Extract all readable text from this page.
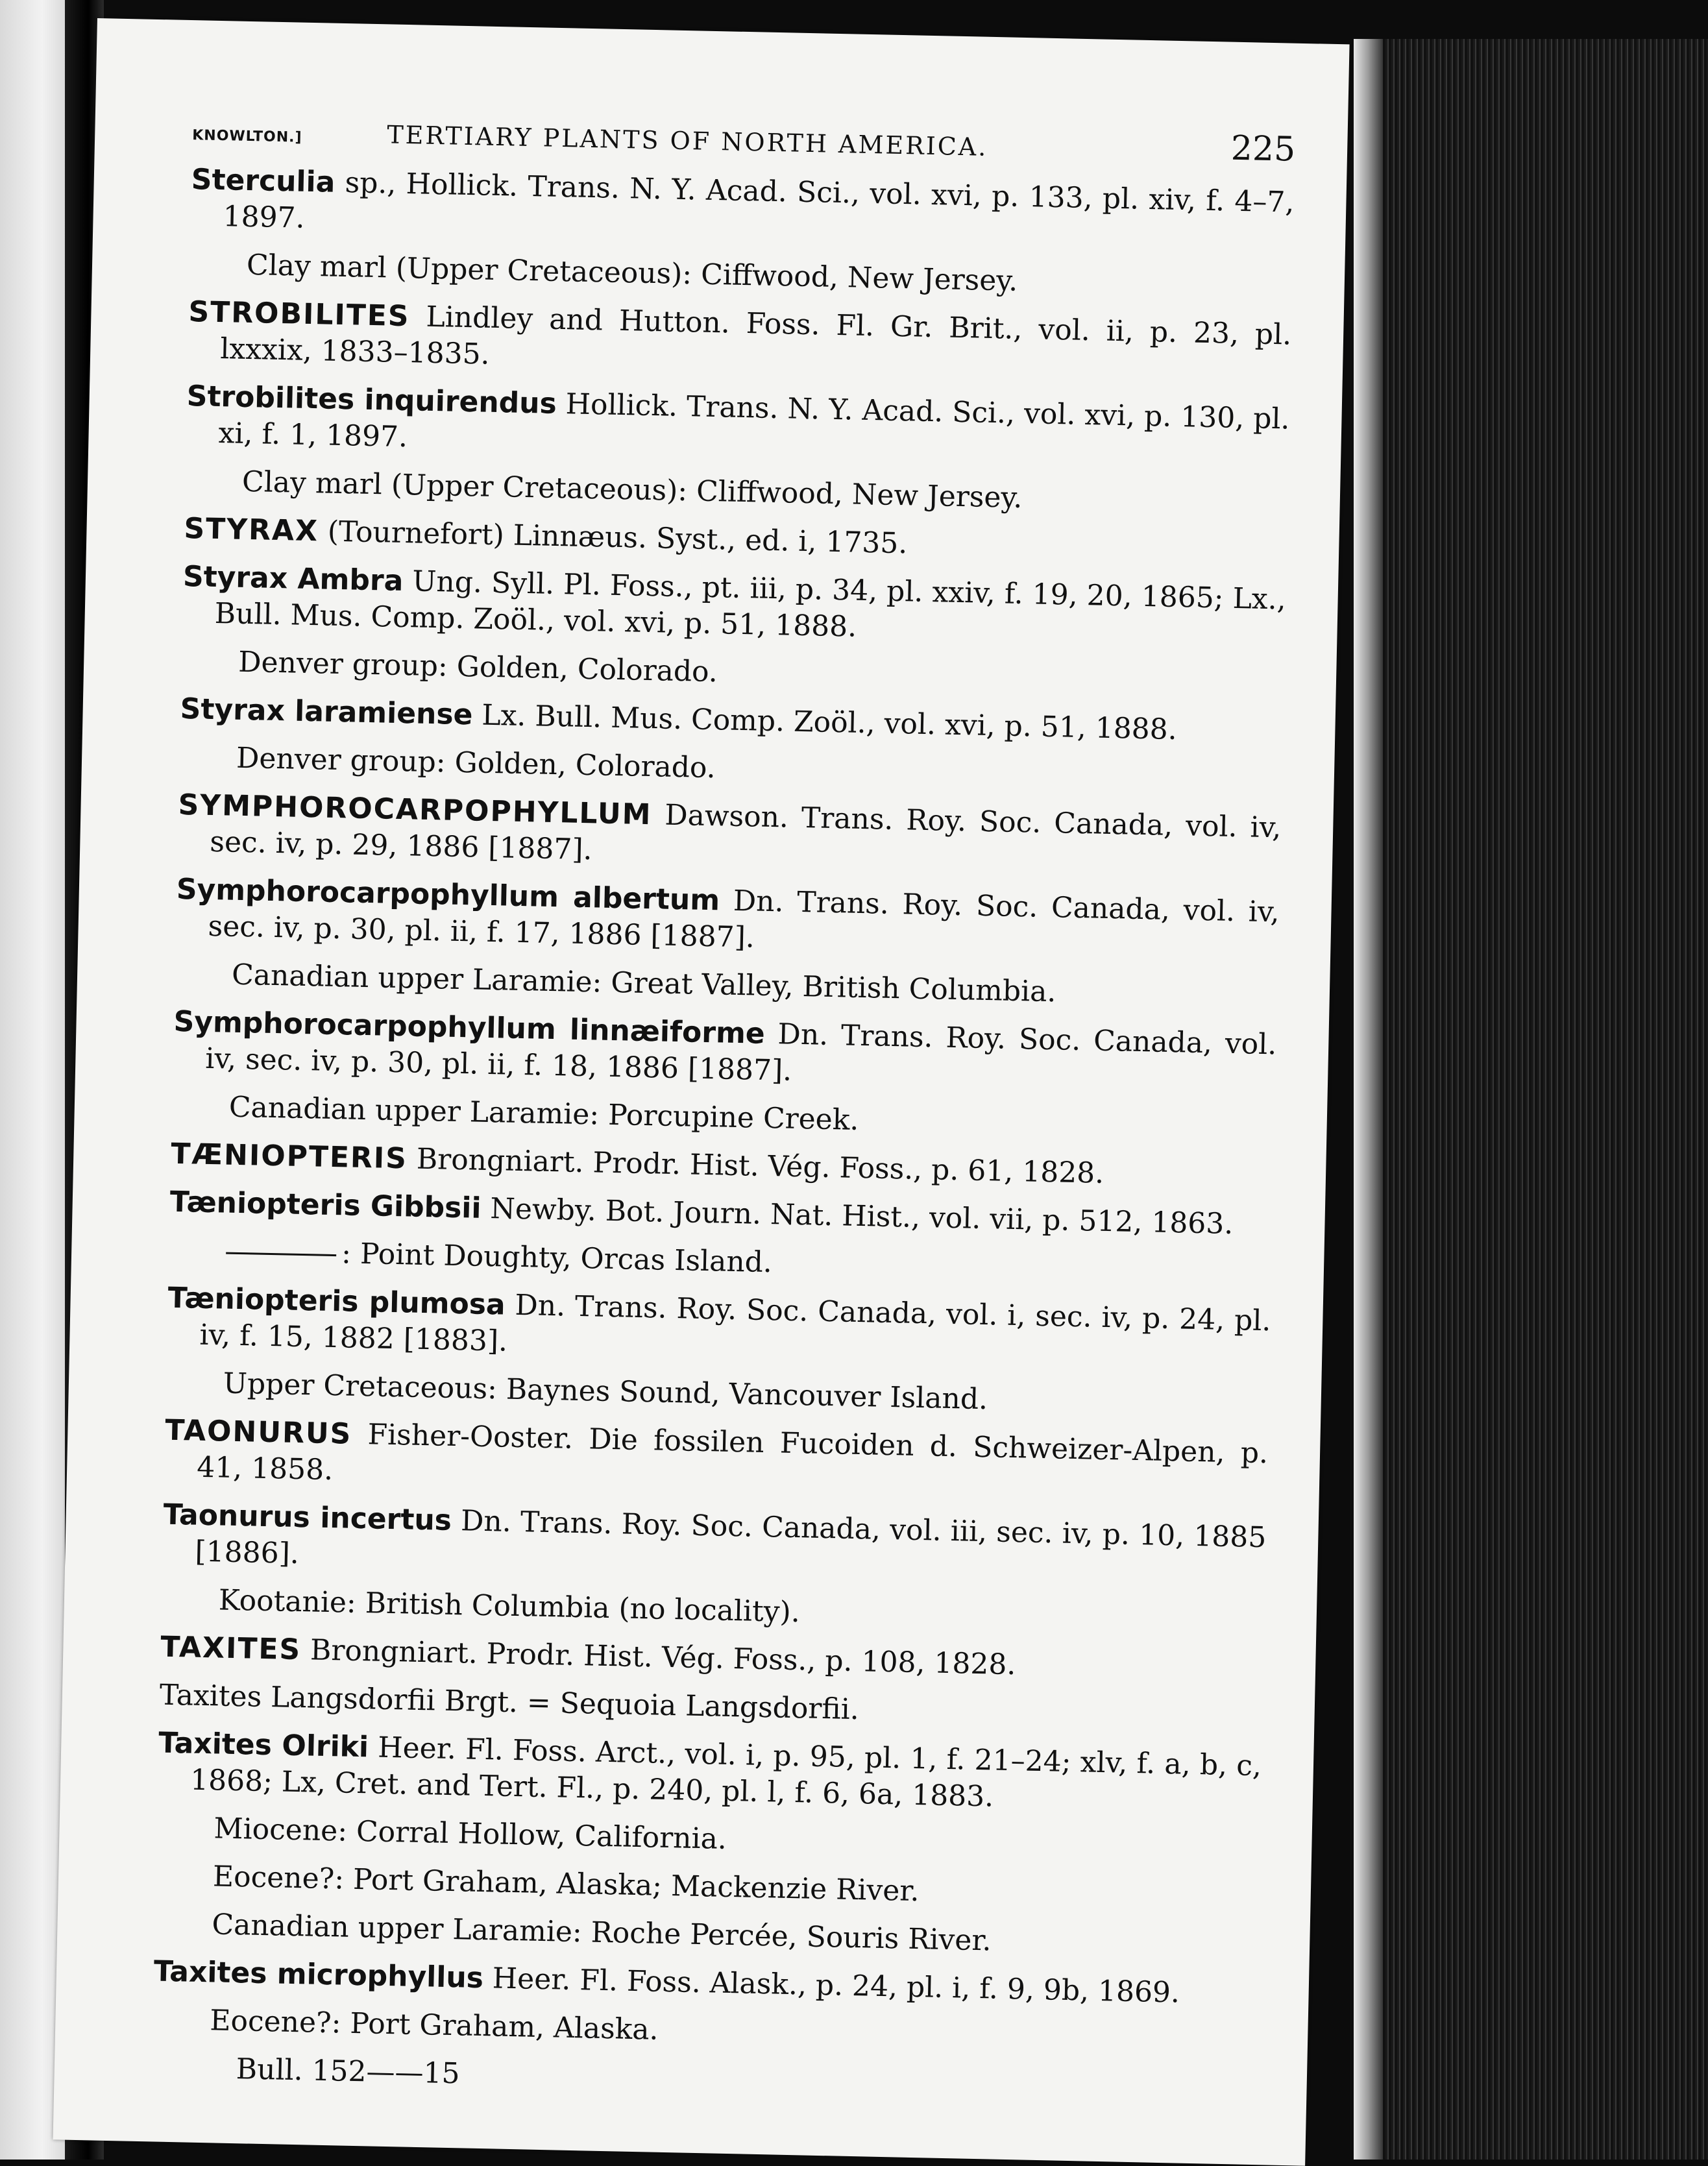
KNOWLTON.]	TERTIARY PLANTS OF NORTH AMERICA.	225
Sterculia sp., Hollick. Trans. N. Y. Acad. Sci., vol. xvi, p. 133, pl. xiv, f. 4–7, 1897.
Clay marl (Upper Cretaceous): Ciffwood, New Jersey.
STROBILITES Lindley and Hutton. Foss. Fl. Gr. Brit., vol. ii, p. 23, pl. lxxxix, 1833–1835.
Strobilites inquirendus Hollick. Trans. N. Y. Acad. Sci., vol. xvi, p. 130, pl. xi, f. 1, 1897.
Clay marl (Upper Cretaceous): Cliffwood, New Jersey.
STYRAX (Tournefort) Linnæus. Syst., ed. i, 1735.
Styrax Ambra Ung. Syll. Pl. Foss., pt. iii, p. 34, pl. xxiv, f. 19, 20, 1865; Lx., Bull. Mus. Comp. Zoöl., vol. xvi, p. 51, 1888.
Denver group: Golden, Colorado.
Styrax laramiense Lx. Bull. Mus. Comp. Zoöl., vol. xvi, p. 51, 1888.
Denver group: Golden, Colorado.
SYMPHOROCARPOPHYLLUM Dawson. Trans. Roy. Soc. Canada, vol. iv, sec. iv, p. 29, 1886 [1887].
Symphorocarpophyllum albertum Dn. Trans. Roy. Soc. Canada, vol. iv, sec. iv, p. 30, pl. ii, f. 17, 1886 [1887].
Canadian upper Laramie: Great Valley, British Columbia.
Symphorocarpophyllum linnæiforme Dn. Trans. Roy. Soc. Canada, vol. iv, sec. iv, p. 30, pl. ii, f. 18, 1886 [1887].
Canadian upper Laramie: Porcupine Creek.
TÆNIOPTERIS Brongniart. Prodr. Hist. Vég. Foss., p. 61, 1828.
Tæniopteris Gibbsii Newby. Bot. Journ. Nat. Hist., vol. vii, p. 512, 1863.
: Point Doughty, Orcas Island.
Tæniopteris plumosa Dn. Trans. Roy. Soc. Canada, vol. i, sec. iv, p. 24, pl. iv, f. 15, 1882 [1883].
Upper Cretaceous: Baynes Sound, Vancouver Island.
TAONURUS Fisher-Ooster. Die fossilen Fucoiden d. Schweizer-Alpen, p. 41, 1858.
Taonurus incertus Dn. Trans. Roy. Soc. Canada, vol. iii, sec. iv, p. 10, 1885 [1886].
Kootanie: British Columbia (no locality).
TAXITES Brongniart. Prodr. Hist. Vég. Foss., p. 108, 1828.
Taxites Langsdorfii Brgt. = Sequoia Langsdorfii.
Taxites Olriki Heer. Fl. Foss. Arct., vol. i, p. 95, pl. 1, f. 21–24; xlv, f. a, b, c, 1868; Lx, Cret. and Tert. Fl., p. 240, pl. l, f. 6, 6a, 1883.
Miocene: Corral Hollow, California.
Eocene?: Port Graham, Alaska; Mackenzie River.
Canadian upper Laramie: Roche Percée, Souris River.
Taxites microphyllus Heer. Fl. Foss. Alask., p. 24, pl. i, f. 9, 9b, 1869.
Eocene?: Port Graham, Alaska.
Bull. 152——15
